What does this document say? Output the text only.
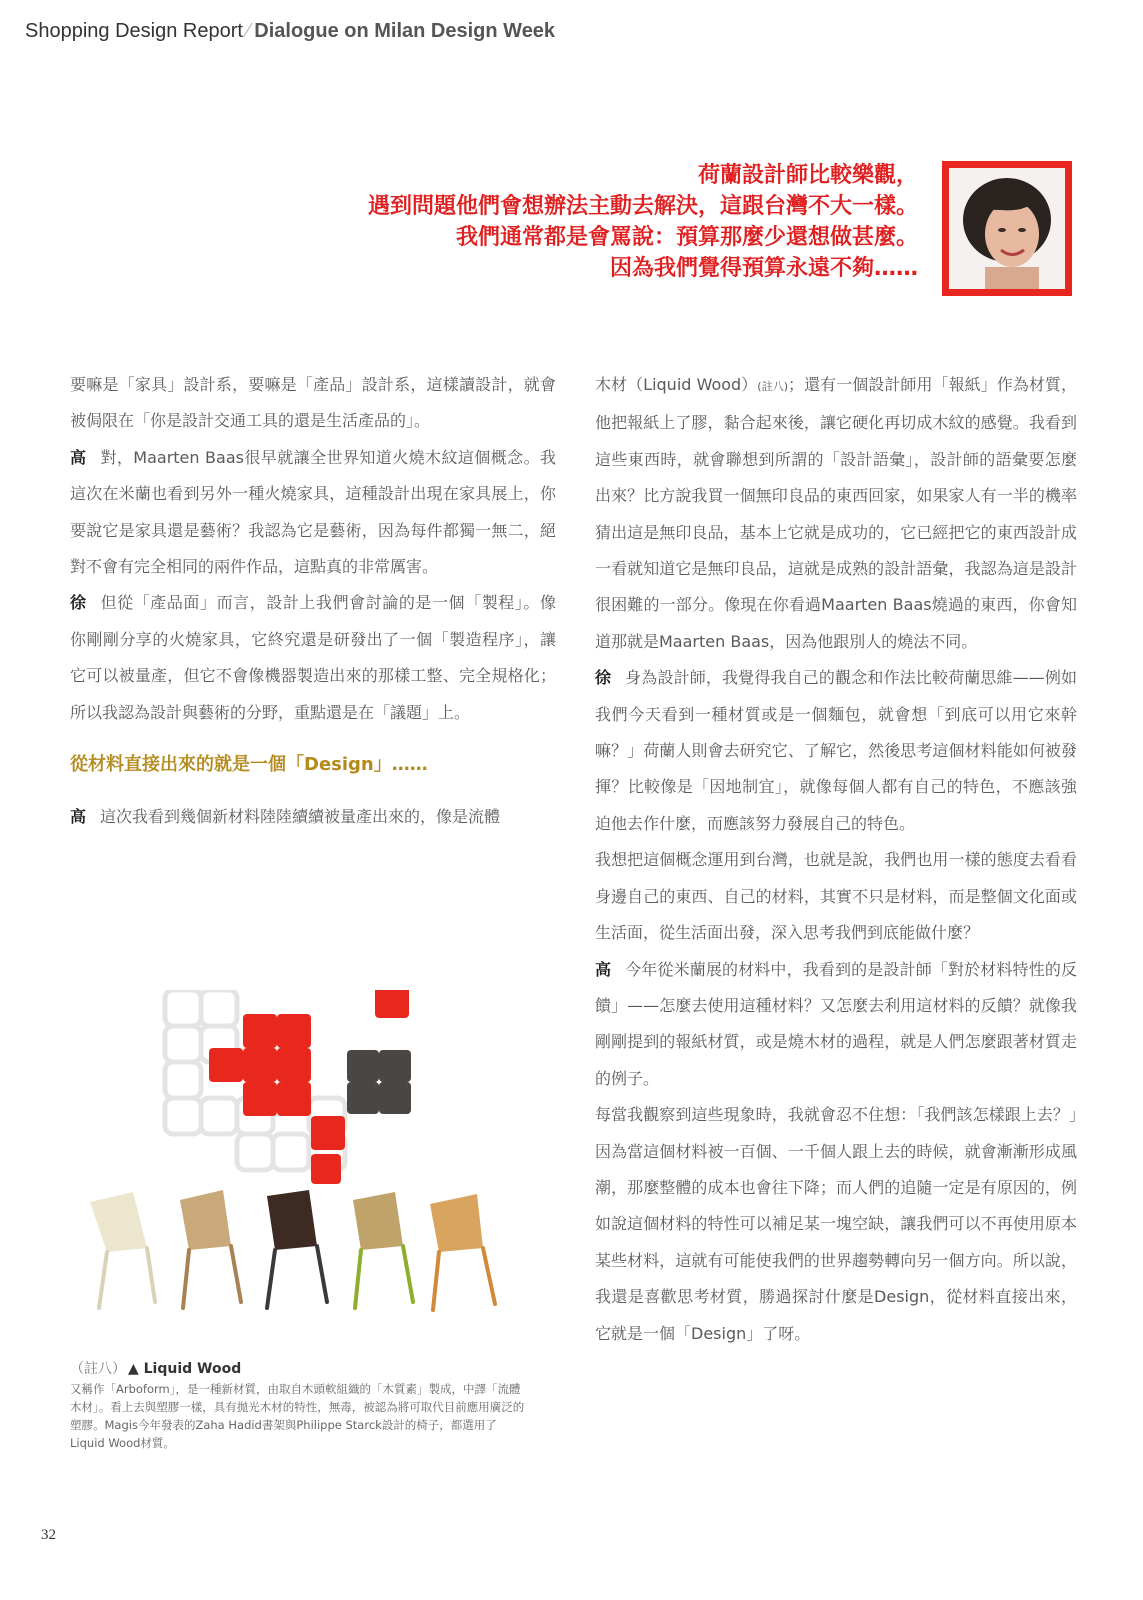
Shopping Design Report ⁄ Dialogue on Milan Design Week
荷蘭設計師比較樂觀，
遇到問題他們會想辦法主動去解決，這跟台灣不大一樣。
我們通常都是會罵說：預算那麼少還想做甚麼。
因為我們覺得預算永遠不夠……

要嘛是「家具」設計系，要嘛是「產品」設計系，這樣讀設計，就會被侷限在「你是設計交通工具的還是生活產品的」。

高 對，Maarten Baas很早就讓全世界知道火燒木紋這個概念。我這次在米蘭也看到另外一種火燒家具，這種設計出現在家具展上，你要說它是家具還是藝術？我認為它是藝術，因為每件都獨一無二，絕對不會有完全相同的兩件作品，這點真的非常厲害。

徐 但從「產品面」而言，設計上我們會討論的是一個「製程」。像你剛剛分享的火燒家具，它終究還是研發出了一個「製造程序」，讓它可以被量產，但它不會像機器製造出來的那樣工整、完全規格化；所以我認為設計與藝術的分野，重點還是在「議題」上。

從材料直接出來的就是一個「Design」……

高 這次我看到幾個新材料陸陸續續被量產出來的，像是流體

木材（Liquid Wood）(註八)；還有一個設計師用「報紙」作為材質，他把報紙上了膠，黏合起來後，讓它硬化再切成木紋的感覺。我看到這些東西時，就會聯想到所謂的「設計語彙」，設計師的語彙要怎麼出來？比方說我買一個無印良品的東西回家，如果家人有一半的機率猜出這是無印良品，基本上它就是成功的，它已經把它的東西設計成一看就知道它是無印良品，這就是成熟的設計語彙，我認為這是設計很困難的一部分。像現在你看過Maarten Baas燒過的東西，你會知道那就是Maarten Baas，因為他跟別人的燒法不同。

徐 身為設計師，我覺得我自己的觀念和作法比較荷蘭思維——例如我們今天看到一種材質或是一個麵包，就會想「到底可以用它來幹嘛？」荷蘭人則會去研究它、了解它，然後思考這個材料能如何被發揮？比較像是「因地制宜」，就像每個人都有自己的特色，不應該強迫他去作什麼，而應該努力發展自己的特色。

我想把這個概念運用到台灣，也就是說，我們也用一樣的態度去看看身邊自己的東西、自己的材料，其實不只是材料，而是整個文化面或生活面，從生活面出發，深入思考我們到底能做什麼？

高 今年從米蘭展的材料中，我看到的是設計師「對於材料特性的反饋」——怎麼去使用這種材料？又怎麼去利用這材料的反饋？就像我剛剛提到的報紙材質，或是燒木材的過程，就是人們怎麼跟著材質走的例子。

每當我觀察到這些現象時，我就會忍不住想：「我們該怎樣跟上去？」因為當這個材料被一百個、一千個人跟上去的時候，就會漸漸形成風潮，那麼整體的成本也會往下降；而人們的追隨一定是有原因的，例如說這個材料的特性可以補足某一塊空缺，讓我們可以不再使用原本某些材料，這就有可能使我們的世界趨勢轉向另一個方向。所以說，我還是喜歡思考材質，勝過探討什麼是Design，從材料直接出來，它就是一個「Design」了呀。

（註八） ▲ Liquid Wood
又稱作「Arboform」，是一種新材質，由取自木頭軟組織的「木質素」製成，中譯「流體木材」。看上去與塑膠一樣，具有拋光木材的特性，無毒，被認為將可取代目前應用廣泛的塑膠。Magis今年發表的Zaha Hadid書架與Philippe Starck設計的椅子，都選用了Liquid Wood材質。
32
